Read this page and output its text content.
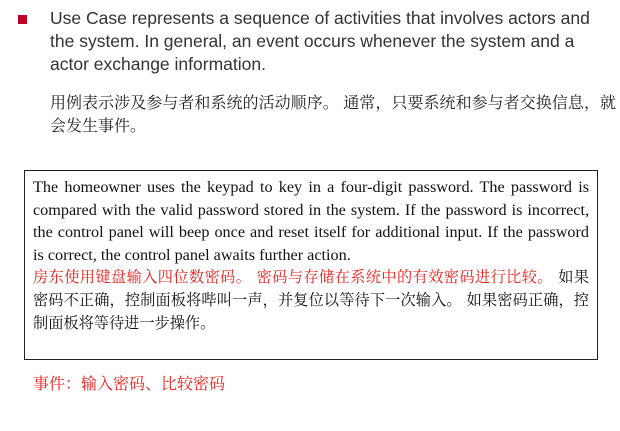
Use Case represents a sequence of activities that involves actors and the system. In general, an event occurs whenever the system and a actor exchange information.

用例表示涉及参与者和系统的活动顺序。 通常，只要系统和参与者交换信息，就会发生事件。

The homeowner uses the keypad to key in a four-digit password. The password is compared with the valid password stored in the system. If the password is incorrect, the control panel will beep once and reset itself for additional input. If the password is correct, the control panel awaits further action.

房东使用键盘输入四位数密码。 密码与存储在系统中的有效密码进行比较。 如果密码不正确，控制面板将哔叫一声，并复位以等待下一次输入。 如果密码正确，控制面板将等待进一步操作。

事件：输入密码、比较密码
